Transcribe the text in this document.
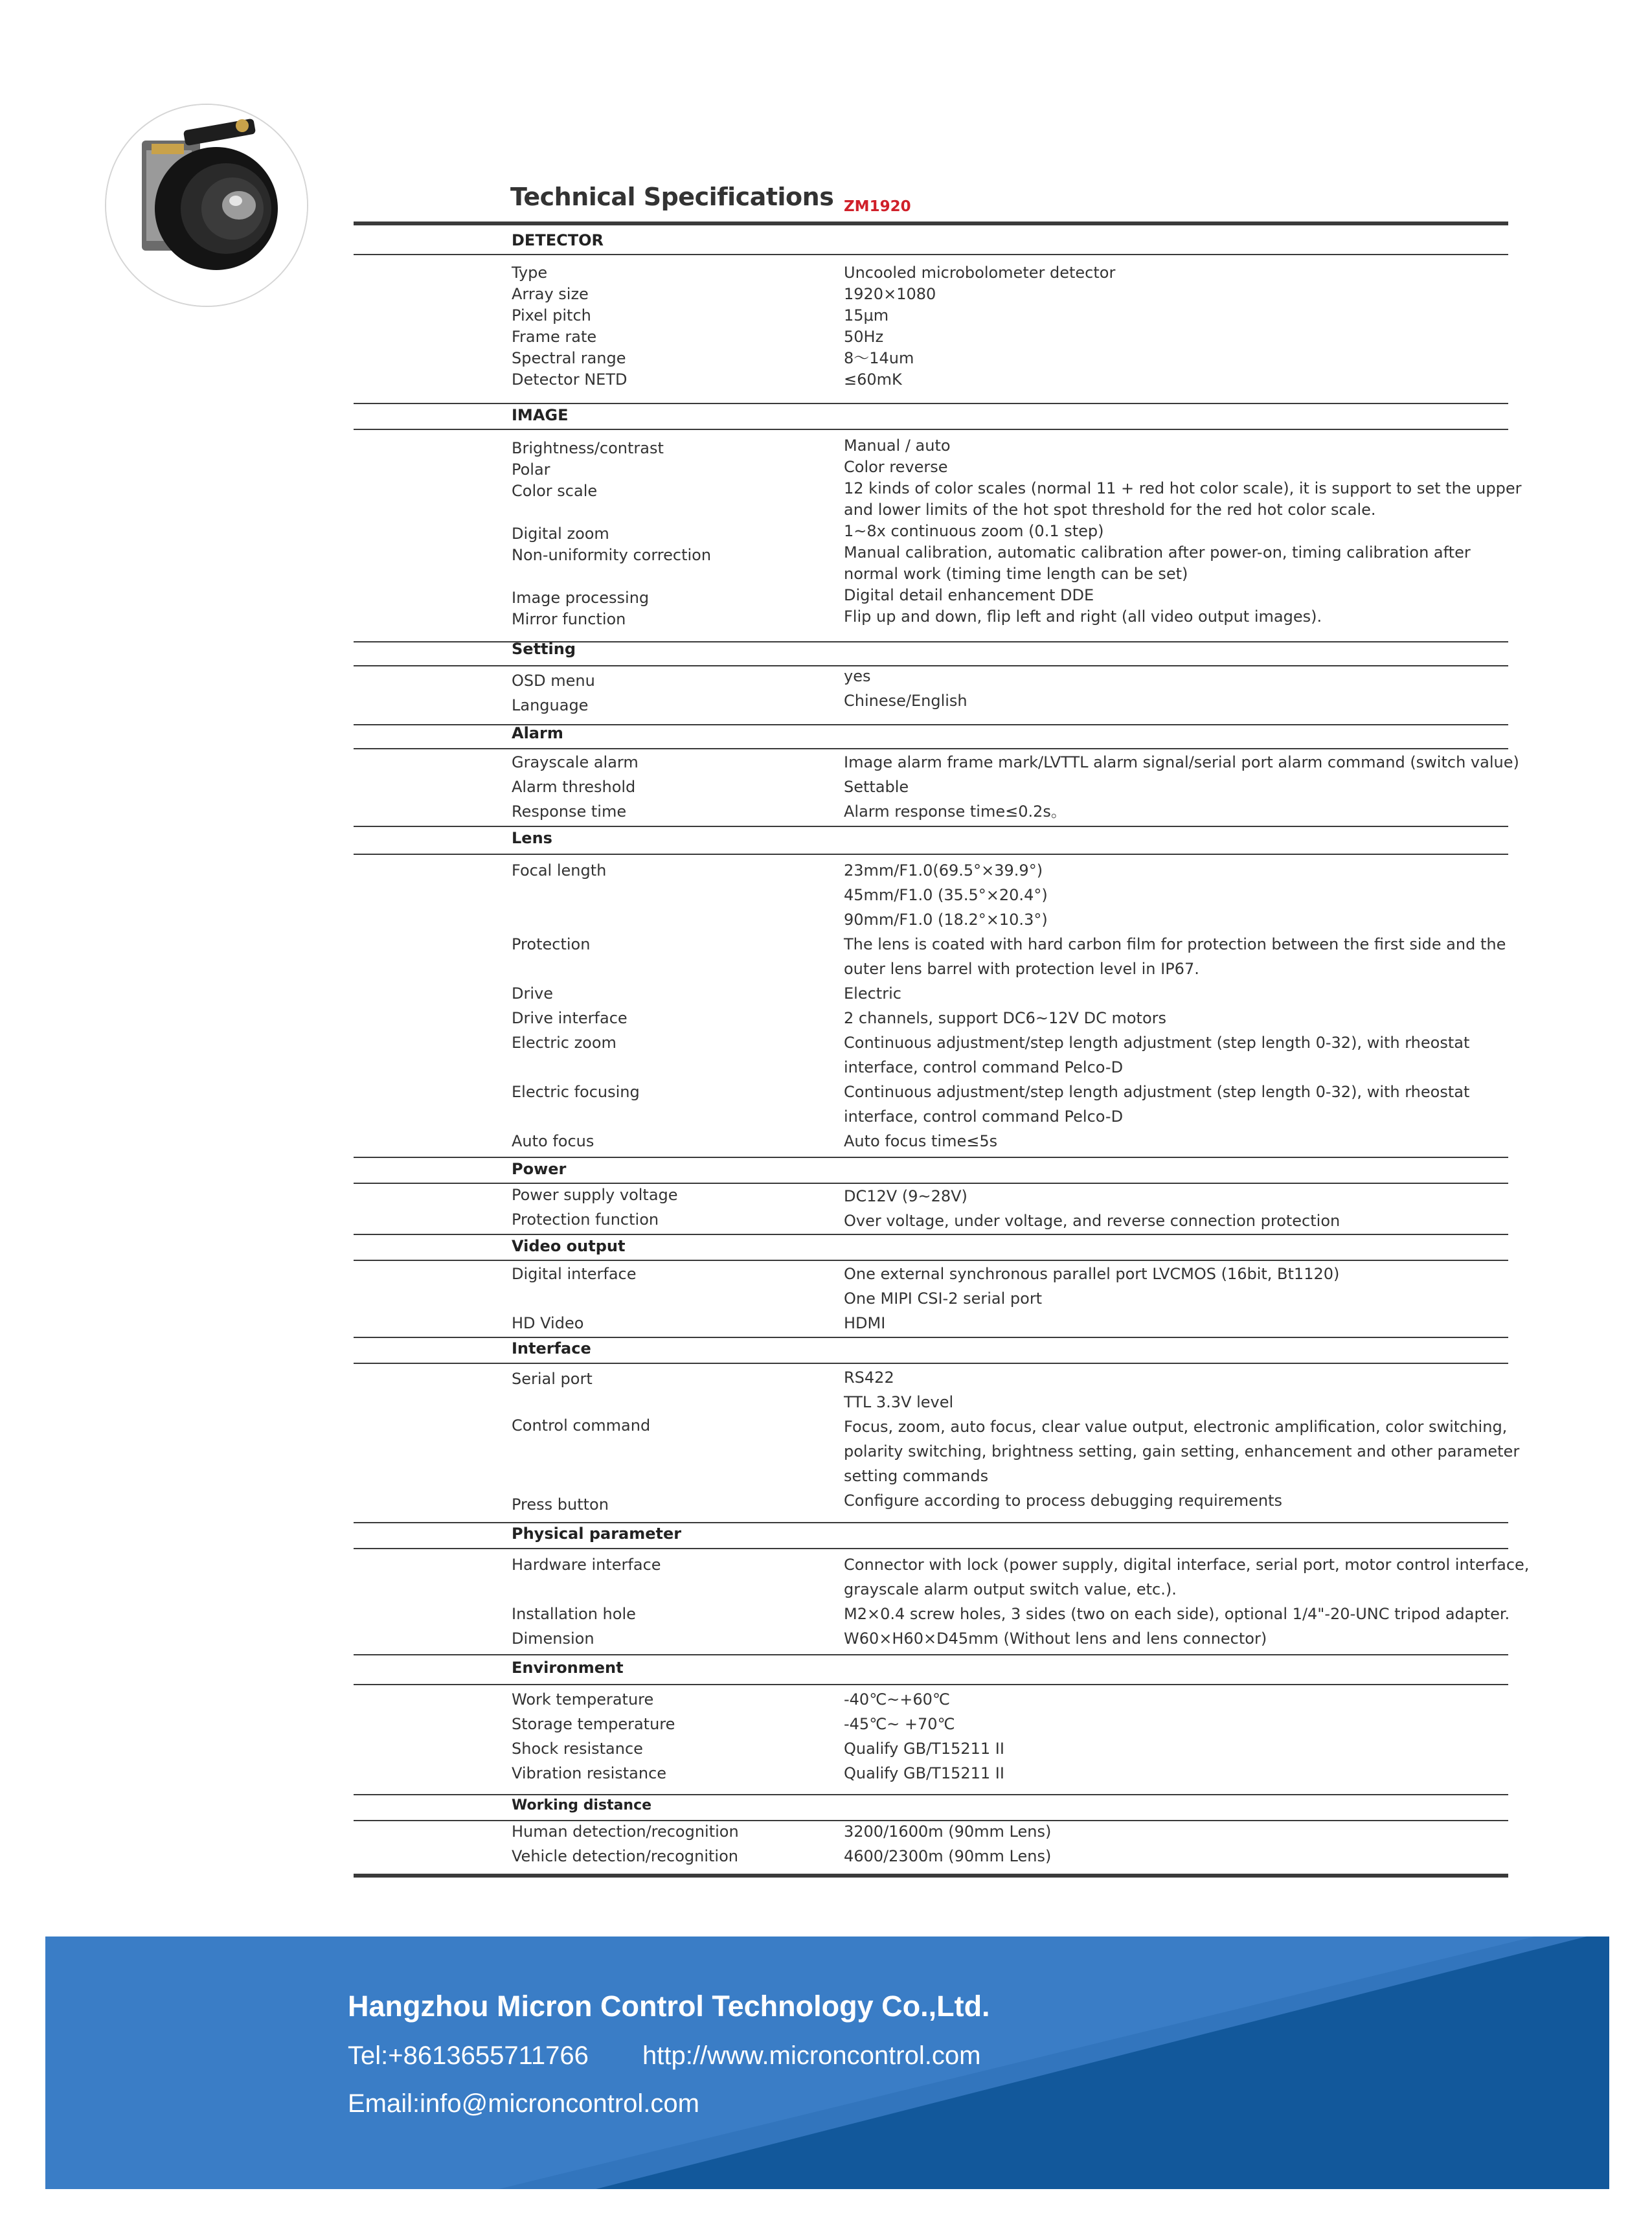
Technical Specifications ZM1920
DETECTOR
Type	Uncooled microbolometer detector
Array size	1920×1080
Pixel pitch	15μm
Frame rate	50Hz
Spectral range	8～14um
Detector NETD	≤60mK
IMAGE
Brightness/contrast	Manual / auto
Polar	Color reverse
Color scale	12 kinds of color scales (normal 11 + red hot color scale), it is support to set the upper
and lower limits of the hot spot threshold for the red hot color scale.
Digital zoom	1~8x continuous zoom (0.1 step)
Non-uniformity correction	Manual calibration, automatic calibration after power-on, timing calibration after
normal work (timing time length can be set)
Image processing	Digital detail enhancement DDE
Mirror function	Flip up and down, flip left and right (all video output images).
Setting
OSD menu	yes
Language	Chinese/English
Alarm
Grayscale alarm	Image alarm frame mark/LVTTL alarm signal/serial port alarm command (switch value)
Alarm threshold	Settable
Response time	Alarm response time≤0.2s。
Lens
Focal length	23mm/F1.0(69.5°×39.9°)
45mm/F1.0 (35.5°×20.4°)
90mm/F1.0 (18.2°×10.3°)
Protection	The lens is coated with hard carbon film for protection between the first side and the
outer lens barrel with protection level in IP67.
Drive	Electric
Drive interface	2 channels, support DC6~12V DC motors
Electric zoom	Continuous adjustment/step length adjustment (step length 0-32), with rheostat
interface, control command Pelco-D
Electric focusing	Continuous adjustment/step length adjustment (step length 0-32), with rheostat
interface, control command Pelco-D
Auto focus	Auto focus time≤5s
Power
Power supply voltage	DC12V (9~28V)
Protection function	Over voltage, under voltage, and reverse connection protection
Video output
Digital interface	One external synchronous parallel port LVCMOS (16bit, Bt1120)
One MIPI CSI-2 serial port
HD Video	HDMI
Interface
Serial port	RS422
TTL 3.3V level
Control command	Focus, zoom, auto focus, clear value output, electronic amplification, color switching,
polarity switching, brightness setting, gain setting, enhancement and other parameter
setting commands
Press button	Configure according to process debugging requirements
Physical parameter
Hardware interface	Connector with lock (power supply, digital interface, serial port, motor control interface,
grayscale alarm output switch value, etc.).
Installation hole	M2×0.4 screw holes, 3 sides (two on each side), optional 1/4"-20-UNC tripod adapter.
Dimension	W60×H60×D45mm (Without lens and lens connector)
Environment
Work temperature	-40℃~+60℃
Storage temperature	-45℃~ +70℃
Shock resistance	Qualify GB/T15211 II
Vibration resistance	Qualify GB/T15211 II
Working distance
Human detection/recognition	3200/1600m (90mm Lens)
Vehicle detection/recognition	4600/2300m (90mm Lens)
Hangzhou Micron Control Technology Co.,Ltd.
Tel:+8613655711766 http://www.microncontrol.com
Email:info@microncontrol.com
